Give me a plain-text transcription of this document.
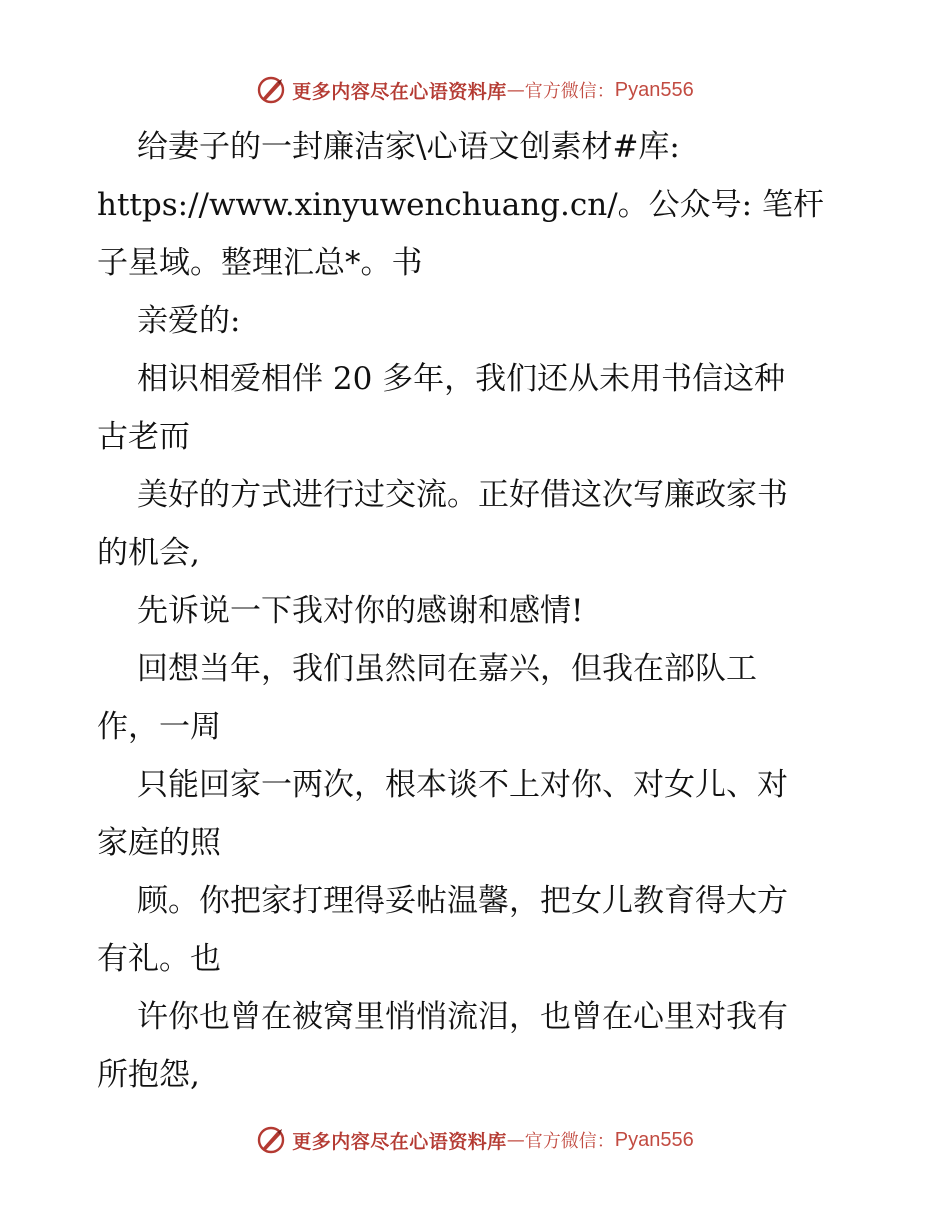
更多内容尽在心语资料库 — 官方微信： Pyan556
给妻子的一封廉洁家\心语文创素材#库:
https://www.xinyuwenchuang.cn/。公众号: 笔杆
子星域。整理汇总*。书
亲爱的:
相识相爱相伴 20 多年，我们还从未用书信这种
古老而
美好的方式进行过交流。正好借这次写廉政家书
的机会,
先诉说一下我对你的感谢和感情!
回想当年，我们虽然同在嘉兴，但我在部队工
作，一周
只能回家一两次，根本谈不上对你、对女儿、对
家庭的照
顾。你把家打理得妥帖温馨，把女儿教育得大方
有礼。也
许你也曾在被窝里悄悄流泪，也曾在心里对我有
所抱怨,
更多内容尽在心语资料库 — 官方微信： Pyan556
